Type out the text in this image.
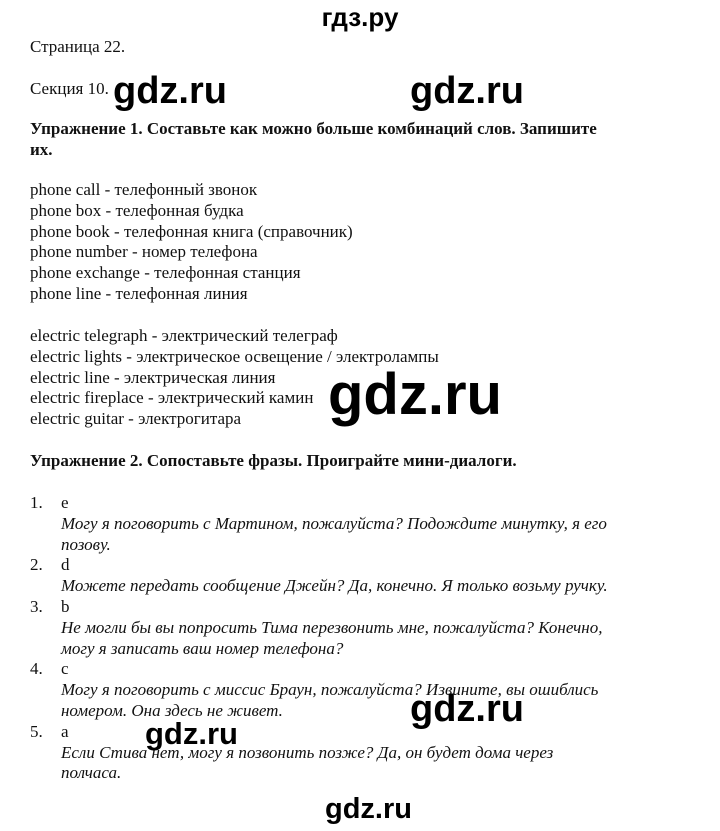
гдз.ру
Страница 22.
Секция 10.
Упражнение 1. Составьте как можно больше комбинаций слов. Запишите
их.
phone call - телефонный звонок
phone box - телефонная будка
phone book - телефонная книга (справочник)
phone number - номер телефона
phone exchange - телефонная станция
phone line - телефонная линия
electric telegraph - электрический телеграф
electric lights - электрическое освещение / электролампы
electric line - электрическая линия
electric fireplace - электрический камин
electric guitar - электрогитара
Упражнение 2. Сопоставьте фразы. Проиграйте мини-диалоги.
1.	e
Могу я поговорить с Мартином, пожалуйста? Подождите минутку, я его
позову.
2.	d
Можете передать сообщение Джейн? Да, конечно. Я только возьму ручку.
3.	b
Не могли бы вы попросить Тима перезвонить мне, пожалуйста? Конечно,
могу я записать ваш номер телефона?
4.	c
Могу я поговорить с миссис Браун, пожалуйста? Извините, вы ошиблись
номером. Она здесь не живет.
5.	a
Если Стива нет, могу я позвонить позже? Да, он будет дома через
полчаса.
gdz.ru	gdz.ru
gdz.ru
gdz.ru
gdz.ru
gdz.ru
